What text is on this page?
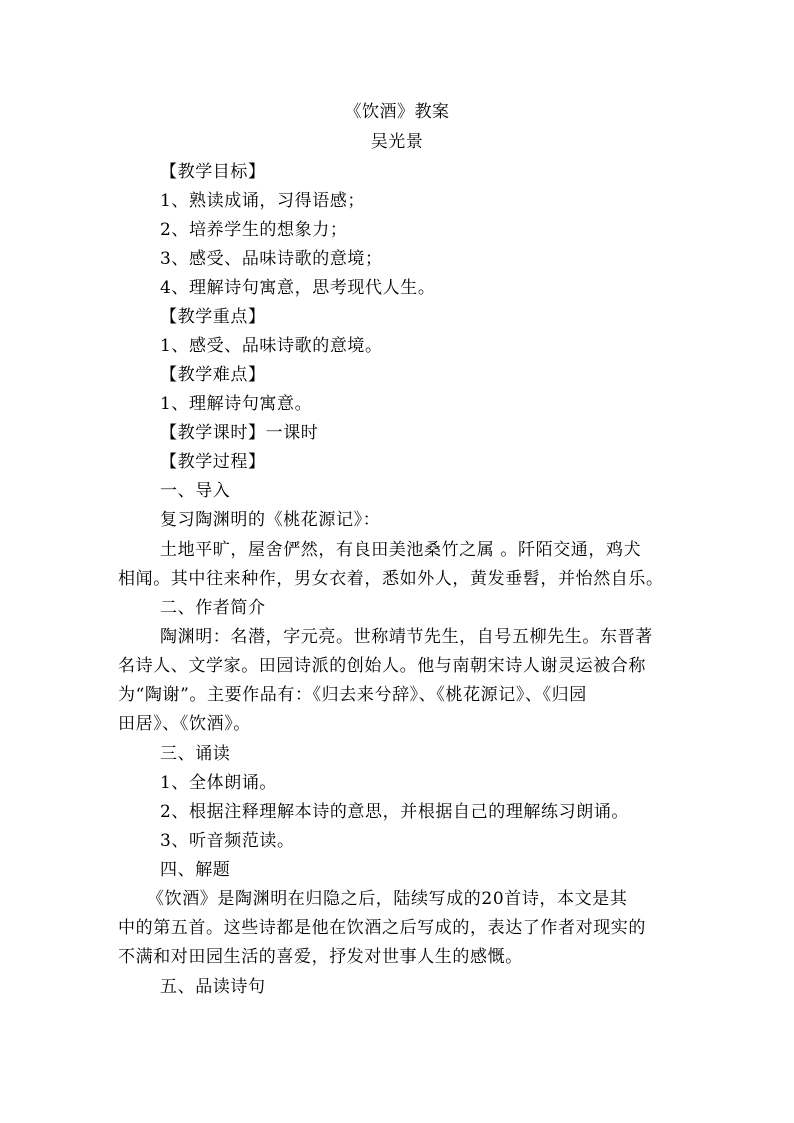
《饮酒》教案
吴光景
【教学目标】
1、熟读成诵，习得语感；
2、培养学生的想象力；
3、感受、品味诗歌的意境；
4、理解诗句寓意，思考现代人生。
【教学重点】
1、感受、品味诗歌的意境。
【教学难点】
1、理解诗句寓意。
【教学课时】一课时
【教学过程】
一、导入
复习陶渊明的《桃花源记》：
土地平旷，屋舍俨然，有良田美池桑竹之属 。阡陌交通，鸡犬
相闻。其中往来种作，男女衣着，悉如外人，黄发垂髫，并怡然自乐。
二、作者简介
陶渊明：名潜，字元亮。世称靖节先生，自号五柳先生。东晋著
名诗人、文学家。田园诗派的创始人。他与南朝宋诗人谢灵运被合称
为“陶谢”。主要作品有：《归去来兮辞》、《桃花源记》、《归园
田居》、《饮酒》。
三、诵读
1、全体朗诵。
2、根据注释理解本诗的意思，并根据自己的理解练习朗诵。
3、听音频范读。
四、解题
《饮酒》是陶渊明在归隐之后，陆续写成的20首诗，本文是其
中的第五首。这些诗都是他在饮酒之后写成的，表达了作者对现实的
不满和对田园生活的喜爱，抒发对世事人生的感慨。
五、品读诗句
